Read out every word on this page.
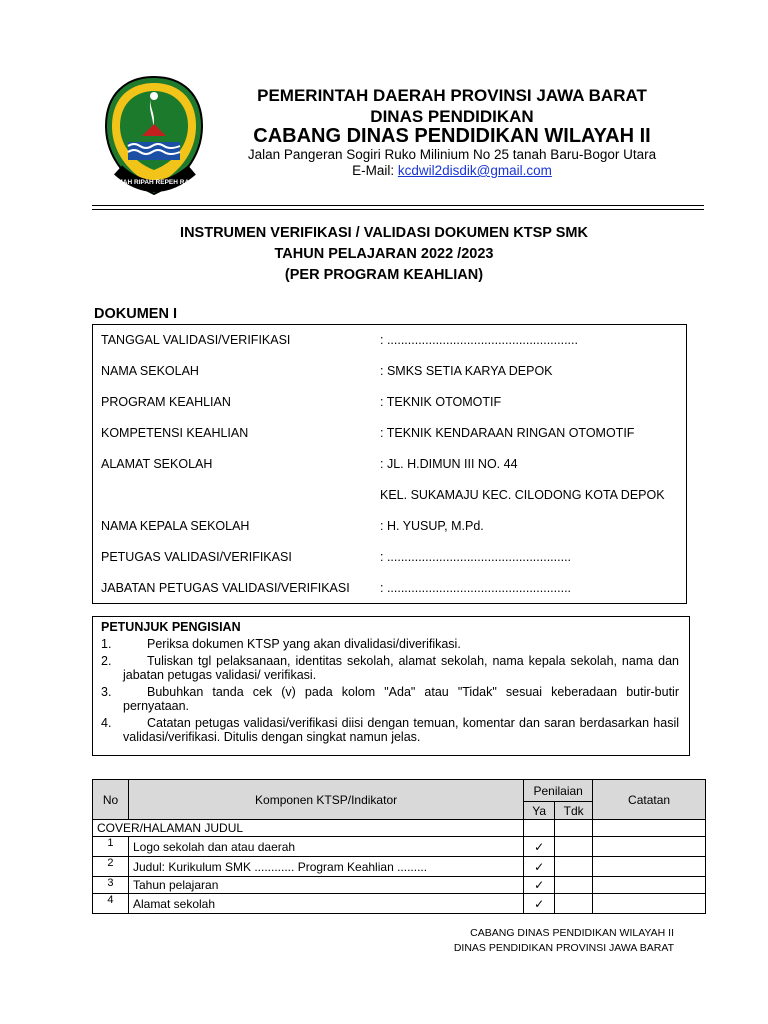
GEMAH RIPAH REPEH RAPIH
PEMERINTAH DAERAH PROVINSI JAWA BARAT
DINAS PENDIDIKAN
CABANG DINAS PENDIDIKAN WILAYAH II
Jalan Pangeran Sogiri Ruko Milinium No 25 tanah Baru-Bogor Utara
E-Mail: kcdwil2disdik@gmail.com
INSTRUMEN VERIFIKASI / VALIDASI DOKUMEN KTSP SMK
TAHUN PELAJARAN 2022 /2023
(PER PROGRAM KEAHLIAN)
DOKUMEN I
TANGGAL VALIDASI/VERIFIKASI	: .......................................................
NAMA SEKOLAH	: SMKS SETIA KARYA DEPOK
PROGRAM KEAHLIAN	: TEKNIK OTOMOTIF
KOMPETENSI KEAHLIAN	: TEKNIK KENDARAAN RINGAN OTOMOTIF
ALAMAT SEKOLAH	: JL. H.DIMUN III NO. 44
KEL. SUKAMAJU KEC. CILODONG KOTA DEPOK
NAMA KEPALA SEKOLAH	: H. YUSUP, M.Pd.
PETUGAS VALIDASI/VERIFIKASI	: .....................................................
JABATAN PETUGAS VALIDASI/VERIFIKASI : .....................................................
PETUNJUK PENGISIAN
1.	Periksa dokumen KTSP yang akan divalidasi/diverifikasi.
2.	Tuliskan tgl pelaksanaan, identitas sekolah, alamat sekolah, nama kepala sekolah, nama dan jabatan petugas validasi/ verifikasi.
3.	Bubuhkan tanda cek (v) pada kolom "Ada" atau "Tidak" sesuai keberadaan butir-butir pernyataan.
4.	Catatan petugas validasi/verifikasi diisi dengan temuan, komentar dan saran berdasarkan hasil validasi/verifikasi. Ditulis dengan singkat namun jelas.
No	Komponen KTSP/Indikator	Penilaian		Catatan
		Ya	Tdk	
COVER/HALAMAN JUDUL				
1	Logo sekolah dan atau daerah	✓		
2	Judul: Kurikulum SMK ............ Program Keahlian .........	✓		
3	Tahun pelajaran	✓		
4	Alamat sekolah	✓		
CABANG DINAS PENDIDIKAN WILAYAH II
DINAS PENDIDIKAN PROVINSI JAWA BARAT
